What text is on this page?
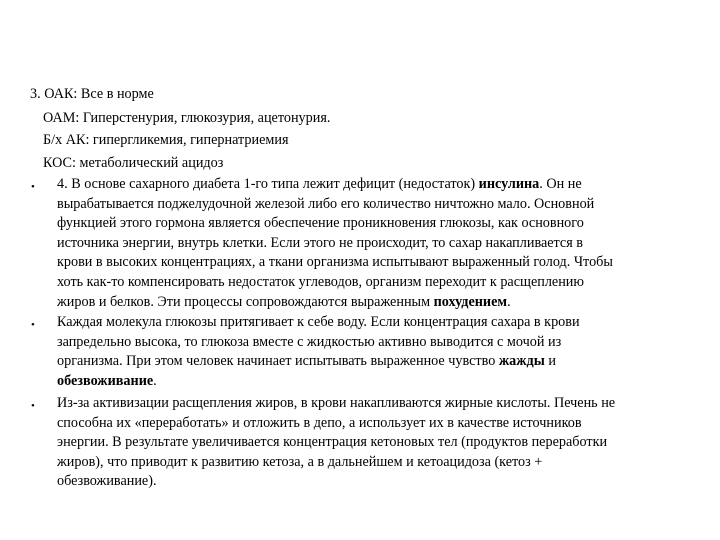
3. ОАК: Все в норме
ОАМ: Гиперстенурия, глюкозурия, ацетонурия.
Б/х АК: гипергликемия, гипернатриемия
КОС: метаболический ацидоз
• 4. В основе сахарного диабета 1-го типа лежит дефицит (недостаток) инсулина. Он не
вырабатывается поджелудочной железой либо его количество ничтожно мало. Основной
функцией этого гормона является обеспечение проникновения глюкозы, как основного
источника энергии, внутрь клетки. Если этого не происходит, то сахар накапливается в
крови в высоких концентрациях, а ткани организма испытывают выраженный голод. Чтобы
хоть как-то компенсировать недостаток углеводов, организм переходит к расщеплению
жиров и белков. Эти процессы сопровождаются выраженным похудением.
• Каждая молекула глюкозы притягивает к себе воду. Если концентрация сахара в крови
запредельно высока, то глюкоза вместе с жидкостью активно выводится с мочой из
организма. При этом человек начинает испытывать выраженное чувство жажды и
обезвоживание.
• Из-за активизации расщепления жиров, в крови накапливаются жирные кислоты. Печень не
способна их «переработать» и отложить в депо, а использует их в качестве источников
энергии. В результате увеличивается концентрация кетоновых тел (продуктов переработки
жиров), что приводит к развитию кетоза, а в дальнейшем и кетоацидоза (кетоз +
обезвоживание).
